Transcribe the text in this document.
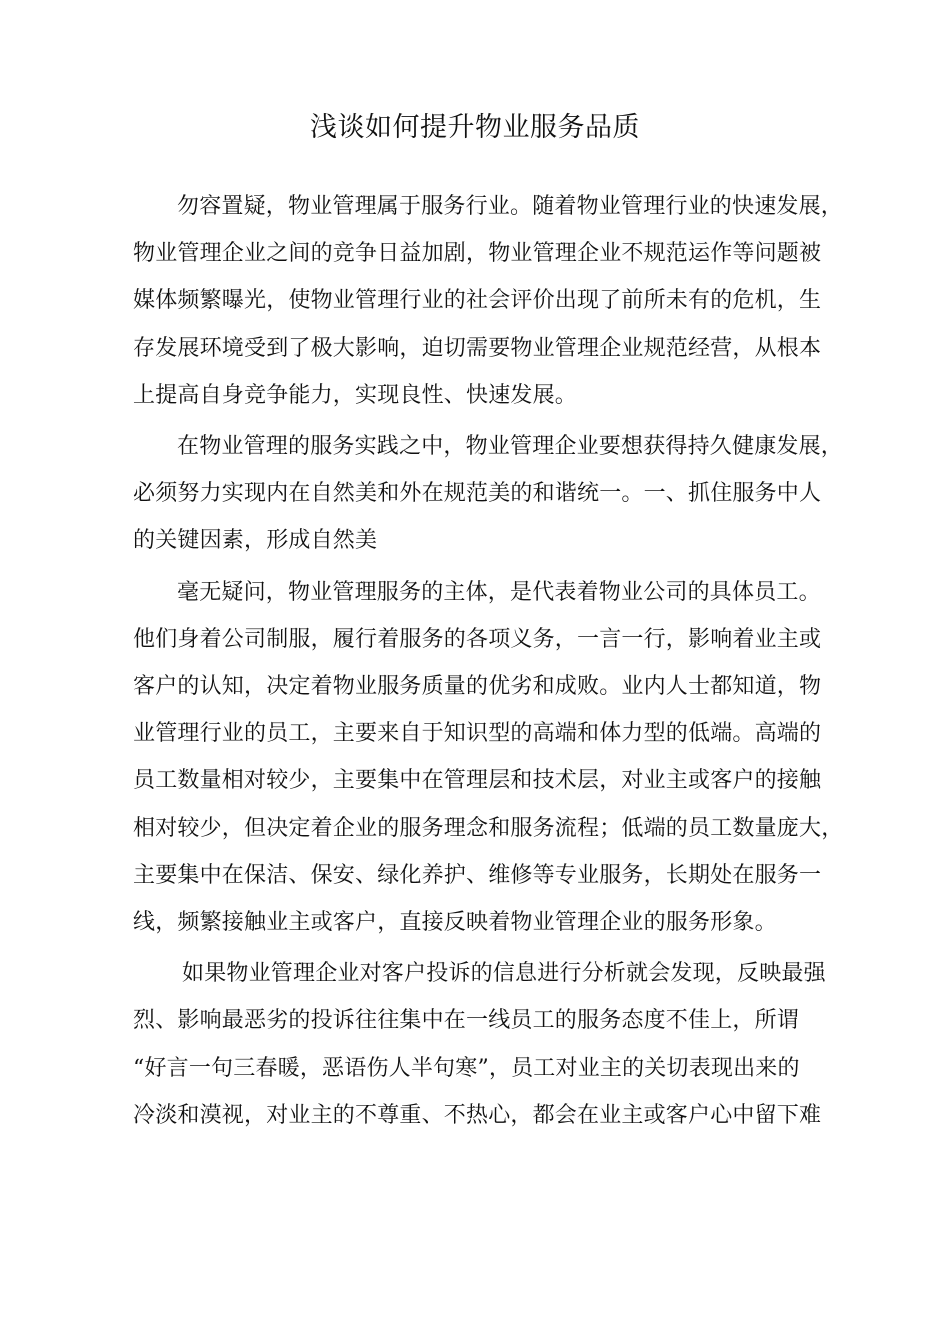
浅谈如何提升物业服务品质

勿容置疑，物业管理属于服务行业。随着物业管理行业的快速发展，
物业管理企业之间的竞争日益加剧，物业管理企业不规范运作等问题被
媒体频繁曝光，使物业管理行业的社会评价出现了前所未有的危机，生
存发展环境受到了极大影响，迫切需要物业管理企业规范经营，从根本
上提高自身竞争能力，实现良性、快速发展。

在物业管理的服务实践之中，物业管理企业要想获得持久健康发展，
必须努力实现内在自然美和外在规范美的和谐统一。一、抓住服务中人
的关键因素，形成自然美

毫无疑问，物业管理服务的主体，是代表着物业公司的具体员工。
他们身着公司制服，履行着服务的各项义务，一言一行，影响着业主或
客户的认知，决定着物业服务质量的优劣和成败。业内人士都知道，物
业管理行业的员工，主要来自于知识型的高端和体力型的低端。高端的
员工数量相对较少，主要集中在管理层和技术层，对业主或客户的接触
相对较少，但决定着企业的服务理念和服务流程；低端的员工数量庞大，
主要集中在保洁、保安、绿化养护、维修等专业服务，长期处在服务一
线，频繁接触业主或客户，直接反映着物业管理企业的服务形象。

如果物业管理企业对客户投诉的信息进行分析就会发现，反映最强
烈、影响最恶劣的投诉往往集中在一线员工的服务态度不佳上，所谓
“好言一句三春暖，恶语伤人半句寒”，员工对业主的关切表现出来的
冷淡和漠视，对业主的不尊重、不热心，都会在业主或客户心中留下难
